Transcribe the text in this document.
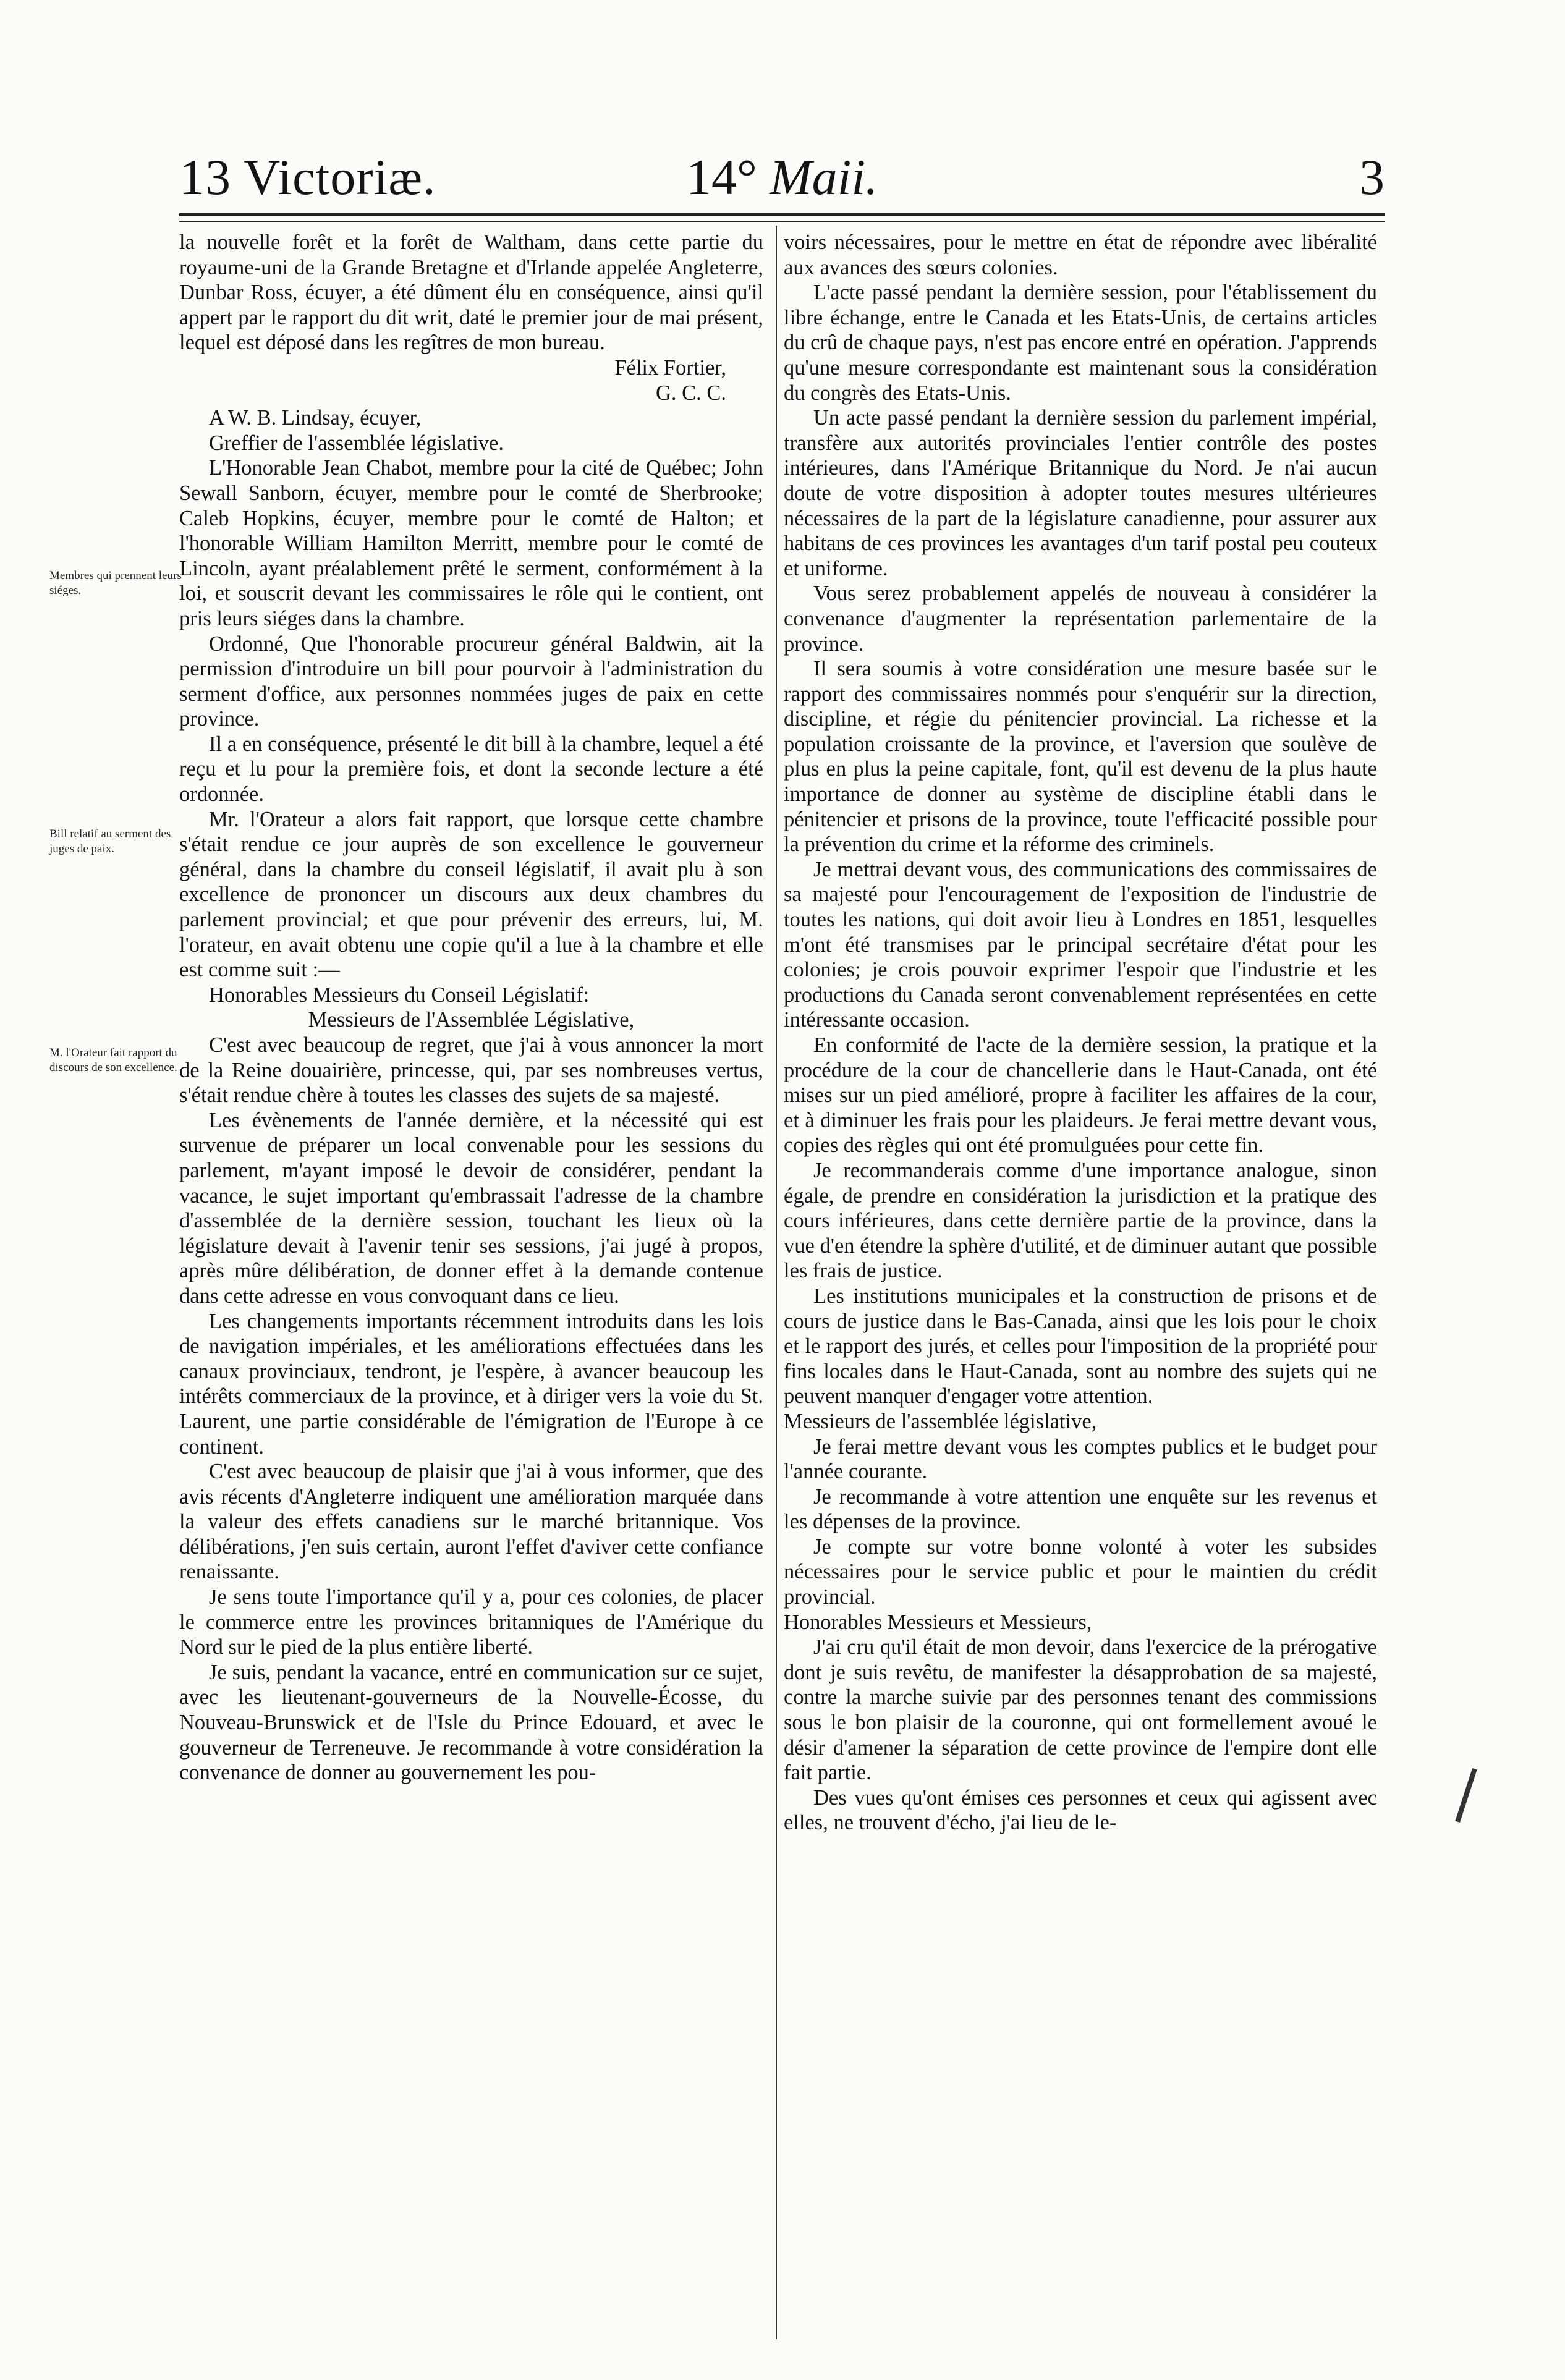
13 Victoriæ.	14° Maii.	3
Membres qui prennent leurs siéges.
Bill relatif au serment des juges de paix.
M. l'Orateur fait rapport du discours de son excellence.

la nouvelle forêt et la forêt de Waltham, dans cette partie du royaume-uni de la Grande Bretagne et d'Irlande appelée Angleterre, Dunbar Ross, écuyer, a été dûment élu en conséquence, ainsi qu'il appert par le rapport du dit writ, daté le premier jour de mai présent, lequel est déposé dans les regîtres de mon bureau.

Félix Fortier,

G. C. C.

A W. B. Lindsay, écuyer,

Greffier de l'assemblée législative.

L'Honorable Jean Chabot, membre pour la cité de Québec; John Sewall Sanborn, écuyer, membre pour le comté de Sherbrooke; Caleb Hopkins, écuyer, membre pour le comté de Halton; et l'honorable William Hamilton Merritt, membre pour le comté de Lincoln, ayant préalablement prêté le serment, conformément à la loi, et souscrit devant les commissaires le rôle qui le contient, ont pris leurs siéges dans la chambre.

Ordonné, Que l'honorable procureur général Baldwin, ait la permission d'introduire un bill pour pourvoir à l'administration du serment d'office, aux personnes nommées juges de paix en cette province.

Il a en conséquence, présenté le dit bill à la chambre, lequel a été reçu et lu pour la première fois, et dont la seconde lecture a été ordonnée.

Mr. l'Orateur a alors fait rapport, que lorsque cette chambre s'était rendue ce jour auprès de son excellence le gouverneur général, dans la chambre du conseil législatif, il avait plu à son excellence de prononcer un discours aux deux chambres du parlement provincial; et que pour prévenir des erreurs, lui, M. l'orateur, en avait obtenu une copie qu'il a lue à la chambre et elle est comme suit :—

Honorables Messieurs du Conseil Législatif:

Messieurs de l'Assemblée Législative,

C'est avec beaucoup de regret, que j'ai à vous annoncer la mort de la Reine douairière, princesse, qui, par ses nombreuses vertus, s'était rendue chère à toutes les classes des sujets de sa majesté.

Les évènements de l'année dernière, et la nécessité qui est survenue de préparer un local convenable pour les sessions du parlement, m'ayant imposé le devoir de considérer, pendant la vacance, le sujet important qu'embrassait l'adresse de la chambre d'assemblée de la dernière session, touchant les lieux où la législature devait à l'avenir tenir ses sessions, j'ai jugé à propos, après mûre délibération, de donner effet à la demande contenue dans cette adresse en vous convoquant dans ce lieu.

Les changements importants récemment introduits dans les lois de navigation impériales, et les améliorations effectuées dans les canaux provinciaux, tendront, je l'espère, à avancer beaucoup les intérêts commerciaux de la province, et à diriger vers la voie du St. Laurent, une partie considérable de l'émigration de l'Europe à ce continent.

C'est avec beaucoup de plaisir que j'ai à vous informer, que des avis récents d'Angleterre indiquent une amélioration marquée dans la valeur des effets canadiens sur le marché britannique. Vos délibérations, j'en suis certain, auront l'effet d'aviver cette confiance renaissante.

Je sens toute l'importance qu'il y a, pour ces colonies, de placer le commerce entre les provinces britanniques de l'Amérique du Nord sur le pied de la plus entière liberté.

Je suis, pendant la vacance, entré en communication sur ce sujet, avec les lieutenant-gouverneurs de la Nouvelle-Écosse, du Nouveau-Brunswick et de l'Isle du Prince Edouard, et avec le gouverneur de Terreneuve. Je recommande à votre considération la convenance de donner au gouvernement les pou-

voirs nécessaires, pour le mettre en état de répondre avec libéralité aux avances des sœurs colonies.

L'acte passé pendant la dernière session, pour l'établissement du libre échange, entre le Canada et les Etats-Unis, de certains articles du crû de chaque pays, n'est pas encore entré en opération. J'apprends qu'une mesure correspondante est maintenant sous la considération du congrès des Etats-Unis.

Un acte passé pendant la dernière session du parlement impérial, transfère aux autorités provinciales l'entier contrôle des postes intérieures, dans l'Amérique Britannique du Nord. Je n'ai aucun doute de votre disposition à adopter toutes mesures ultérieures nécessaires de la part de la législature canadienne, pour assurer aux habitans de ces provinces les avantages d'un tarif postal peu couteux et uniforme.

Vous serez probablement appelés de nouveau à considérer la convenance d'augmenter la représentation parlementaire de la province.

Il sera soumis à votre considération une mesure basée sur le rapport des commissaires nommés pour s'enquérir sur la direction, discipline, et régie du pénitencier provincial. La richesse et la population croissante de la province, et l'aversion que soulève de plus en plus la peine capitale, font, qu'il est devenu de la plus haute importance de donner au système de discipline établi dans le pénitencier et prisons de la province, toute l'efficacité possible pour la prévention du crime et la réforme des criminels.

Je mettrai devant vous, des communications des commissaires de sa majesté pour l'encouragement de l'exposition de l'industrie de toutes les nations, qui doit avoir lieu à Londres en 1851, lesquelles m'ont été transmises par le principal secrétaire d'état pour les colonies; je crois pouvoir exprimer l'espoir que l'industrie et les productions du Canada seront convenablement représentées en cette intéressante occasion.

En conformité de l'acte de la dernière session, la pratique et la procédure de la cour de chancellerie dans le Haut-Canada, ont été mises sur un pied amélioré, propre à faciliter les affaires de la cour, et à diminuer les frais pour les plaideurs. Je ferai mettre devant vous, copies des règles qui ont été promulguées pour cette fin.

Je recommanderais comme d'une importance analogue, sinon égale, de prendre en considération la jurisdiction et la pratique des cours inférieures, dans cette dernière partie de la province, dans la vue d'en étendre la sphère d'utilité, et de diminuer autant que possible les frais de justice.

Les institutions municipales et la construction de prisons et de cours de justice dans le Bas-Canada, ainsi que les lois pour le choix et le rapport des jurés, et celles pour l'imposition de la propriété pour fins locales dans le Haut-Canada, sont au nombre des sujets qui ne peuvent manquer d'engager votre attention.

Messieurs de l'assemblée législative,

Je ferai mettre devant vous les comptes publics et le budget pour l'année courante.

Je recommande à votre attention une enquête sur les revenus et les dépenses de la province.

Je compte sur votre bonne volonté à voter les subsides nécessaires pour le service public et pour le maintien du crédit provincial.

Honorables Messieurs et Messieurs,

J'ai cru qu'il était de mon devoir, dans l'exercice de la prérogative dont je suis revêtu, de manifester la désapprobation de sa majesté, contre la marche suivie par des personnes tenant des commissions sous le bon plaisir de la couronne, qui ont formellement avoué le désir d'amener la séparation de cette province de l'empire dont elle fait partie.

Des vues qu'ont émises ces personnes et ceux qui agissent avec elles, ne trouvent d'écho, j'ai lieu de le-
